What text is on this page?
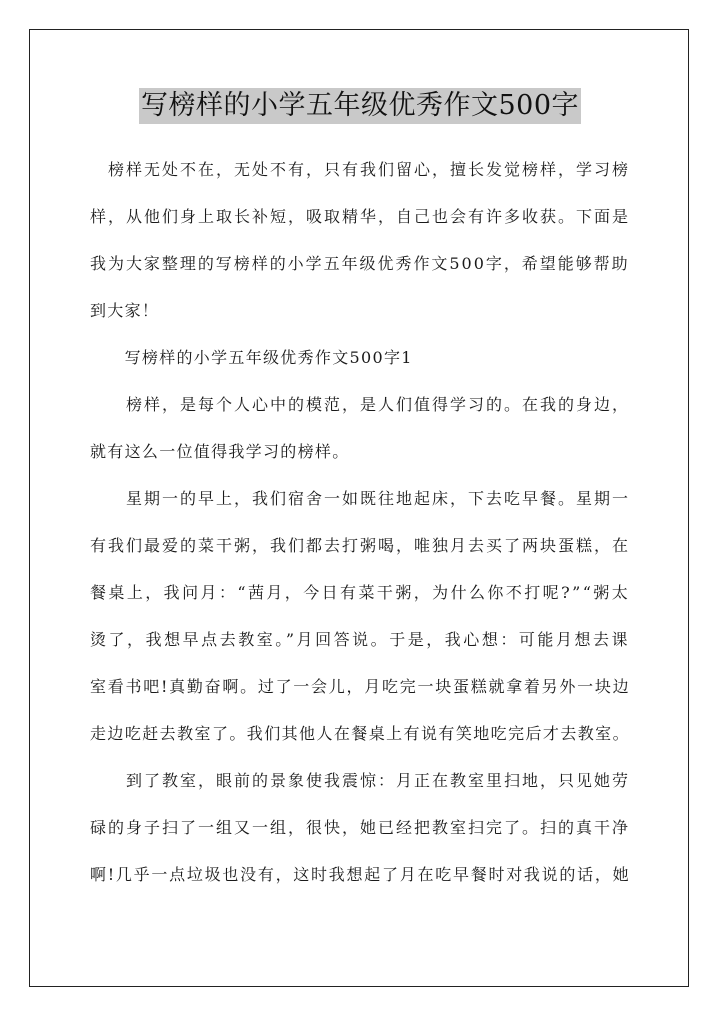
写榜样的小学五年级优秀作文500字
　榜样无处不在，无处不有，只有我们留心，擅长发觉榜样，学习榜
样，从他们身上取长补短，吸取精华，自己也会有许多收获。下面是
我为大家整理的写榜样的小学五年级优秀作文500字，希望能够帮助
到大家！
　　写榜样的小学五年级优秀作文500字1
　　榜样，是每个人心中的模范，是人们值得学习的。在我的身边，
就有这么一位值得我学习的榜样。
　　星期一的早上，我们宿舍一如既往地起床，下去吃早餐。星期一
有我们最爱的菜干粥，我们都去打粥喝，唯独月去买了两块蛋糕，在
餐桌上，我问月：“茜月，今日有菜干粥，为什么你不打呢?”“粥太
烫了，我想早点去教室。”月回答说。于是，我心想：可能月想去课
室看书吧!真勤奋啊。过了一会儿，月吃完一块蛋糕就拿着另外一块边
走边吃赶去教室了。我们其他人在餐桌上有说有笑地吃完后才去教室。
　　到了教室，眼前的景象使我震惊：月正在教室里扫地，只见她劳
碌的身子扫了一组又一组，很快，她已经把教室扫完了。扫的真干净
啊!几乎一点垃圾也没有，这时我想起了月在吃早餐时对我说的话，她
